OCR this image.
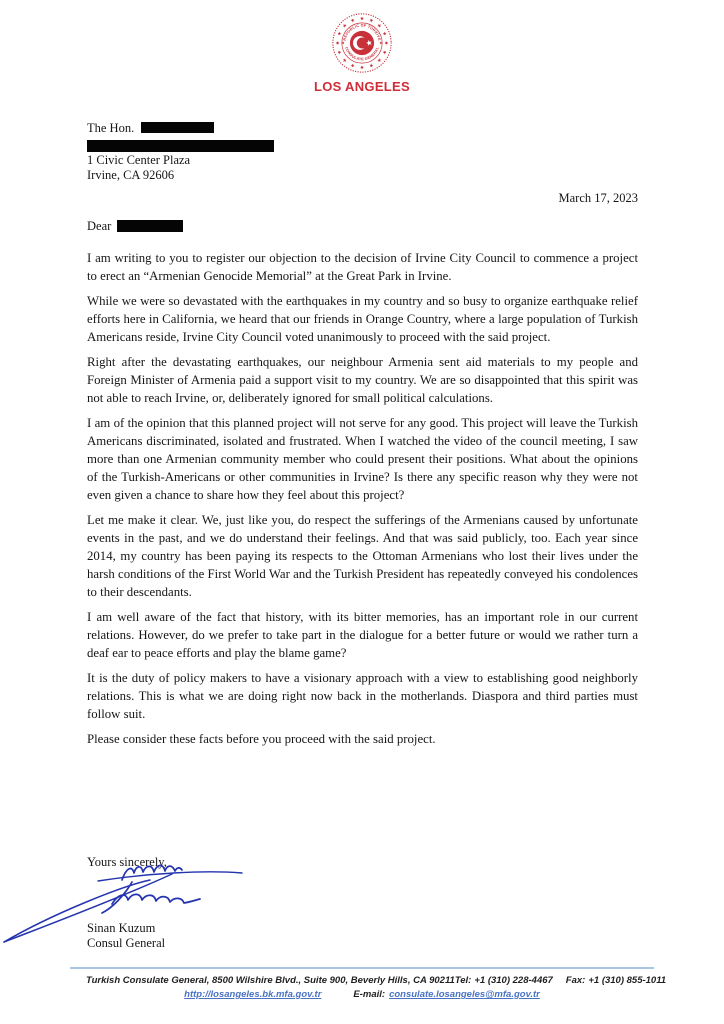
REPUBLIC OF TÜRKİYE
CONSULATE GENERAL
LOS ANGELES
The Hon.
1 Civic Center Plaza
Irvine, CA 92606
March 17, 2023
Dear

I am writing to you to register our objection to the decision of Irvine City Council to commence a project to erect an “Armenian Genocide Memorial” at the Great Park in Irvine.

While we were so devastated with the earthquakes in my country and so busy to organize earthquake relief efforts here in California, we heard that our friends in Orange Country, where a large population of Turkish Americans reside, Irvine City Council voted unanimously to proceed with the said project.

Right after the devastating earthquakes, our neighbour Armenia sent aid materials to my people and Foreign Minister of Armenia paid a support visit to my country. We are so disappointed that this spirit was not able to reach Irvine, or, deliberately ignored for small political calculations.

I am of the opinion that this planned project will not serve for any good. This project will leave the Turkish Americans discriminated, isolated and frustrated. When I watched the video of the council meeting, I saw more than one Armenian community member who could present their positions. What about the opinions of the Turkish-Americans or other communities in Irvine? Is there any specific reason why they were not even given a chance to share how they feel about this project?

Let me make it clear. We, just like you, do respect the sufferings of the Armenians caused by unfortunate events in the past, and we do understand their feelings. And that was said publicly, too. Each year since 2014, my country has been paying its respects to the Ottoman Armenians who lost their lives under the harsh conditions of the First World War and the Turkish President has repeatedly conveyed his condolences to their descendants.

I am well aware of the fact that history, with its bitter memories, has an important role in our current relations. However, do we prefer to take part in the dialogue for a better future or would we rather turn a deaf ear to peace efforts and play the blame game?

It is the duty of policy makers to have a visionary approach with a view to establishing good neighborly relations. This is what we are doing right now back in the motherlands. Diaspora and third parties must follow suit.

Please consider these facts before you proceed with the said project.

Yours sincerely,
Sinan Kuzum
Consul General
Turkish Consulate General, 8500 Wilshire Blvd., Suite 900, Beverly Hills, CA 90211 Tel: +1 (310) 228-4467 Fax: +1 (310) 855-1011
http://losangeles.bk.mfa.gov.tr	E-mail: consulate.losangeles@mfa.gov.tr
